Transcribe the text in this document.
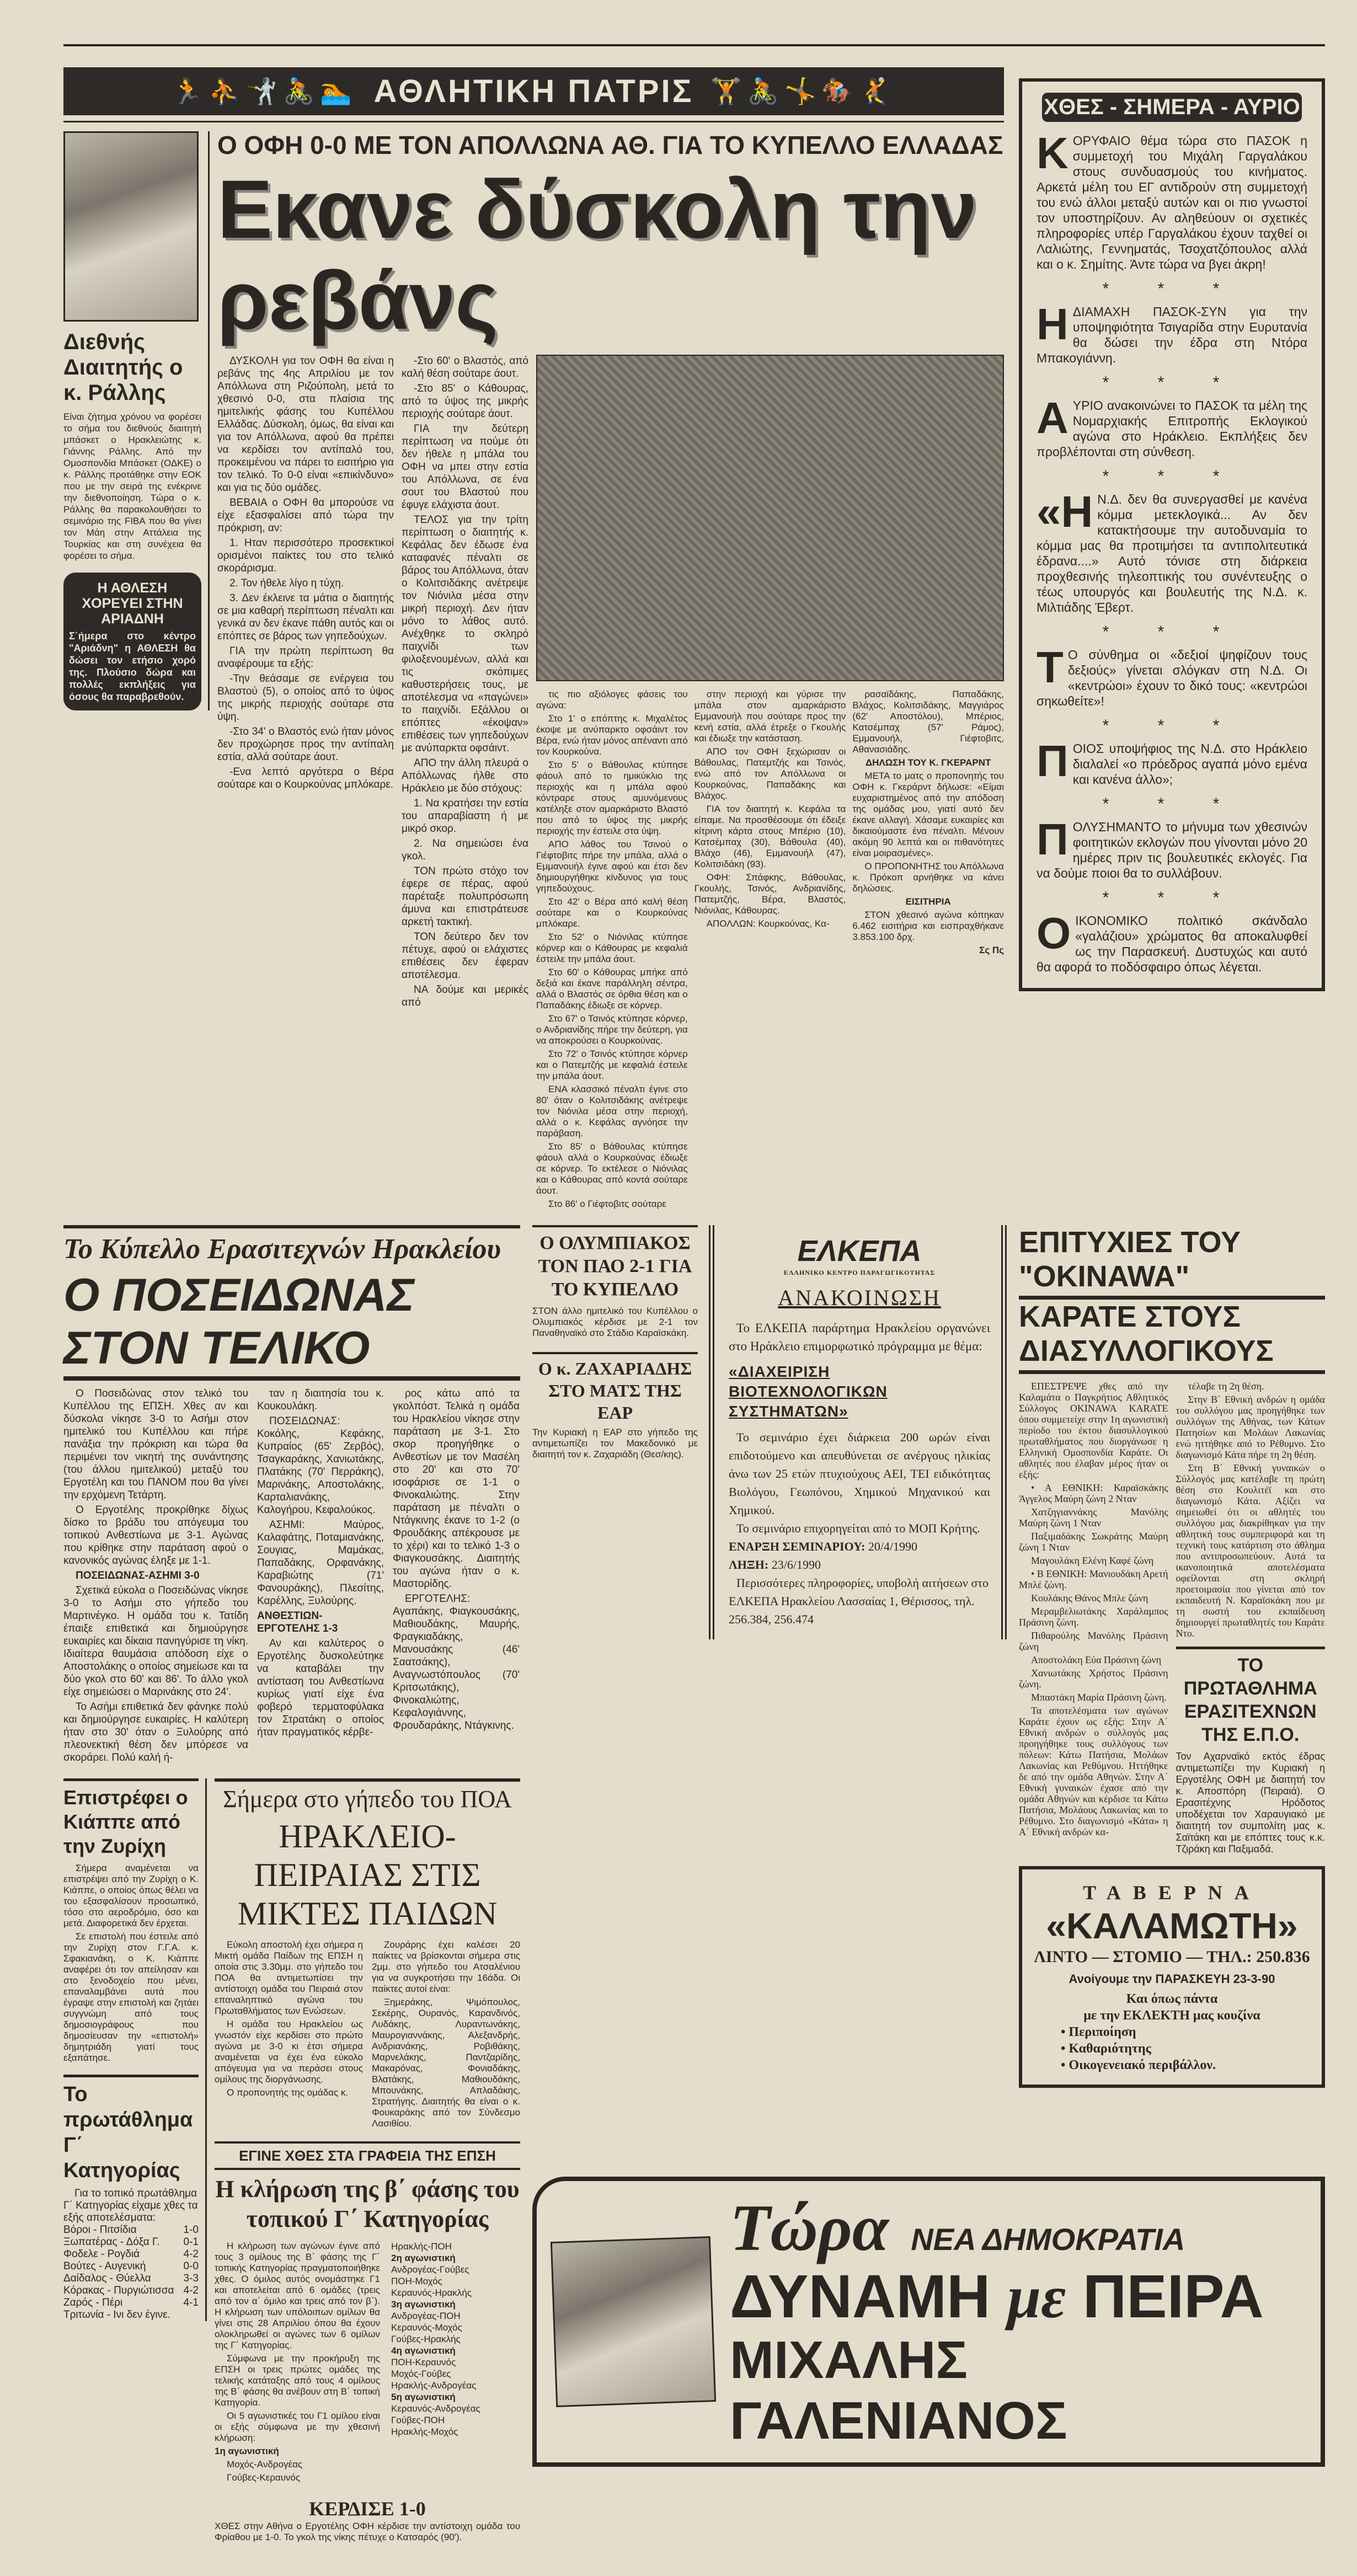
🏃⛹🤺🚴🏊 ΑΘΛΗΤΙΚΗ ΠΑΤΡΙΣ 🏋🚴🤸🏇🤾
Διεθνής Διαιτητής ο κ. Ράλλης
Είναι ζήτημα χρόνου να φορέσει το σήμα του διεθνούς διαιτητή μπάσκετ ο Ηρακλειώτης κ. Γιάννης Ράλλης. Από την Ομοσπονδία Μπάσκετ (ΟΔΚΕ) ο κ. Ράλλης προτάθηκε στην ΕΟΚ που με την σειρά της ενέκρινε την διεθνοποίηση. Τώρα ο κ. Ράλλης θα παρακολουθήσει το σεμινάριο της FIBA που θα γίνει τον Μάη στην Αττάλεια της Τουρκίας και στη συνέχεια θα φορέσει το σήμα.
Η ΑΘΛΕΣΗ ΧΟΡΕΥΕΙ ΣΤΗΝ ΑΡΙΑΔΝΗ
Σ΄ήμερα στο κέντρο "Αριάδνη" η ΑΘΛΕΣΗ θα δώσει τον ετήσιο χορό της. Πλούσιο δώρα και πολλές εκπλήξεις για όσους θα παραβρεθούν.
Ο ΟΦΗ 0-0 ΜΕ ΤΟΝ ΑΠΟΛΛΩΝΑ ΑΘ. ΓΙΑ ΤΟ ΚΥΠΕΛΛΟ ΕΛΛΑΔΑΣ
Εκανε δύσκολη την ρεβάνς

ΔΥΣΚΟΛΗ για τον ΟΦΗ θα είναι η ρεβάνς της 4ης Απριλίου με τον Απόλλωνα στη Ριζούπολη, μετά το χθεσινό 0-0, στα πλαίσια της ημιτελικής φάσης του Κυπέλλου Ελλάδας. Δύσκολη, όμως, θα είναι και για τον Απόλλωνα, αφού θα πρέπει να κερδίσει τον αντίπαλό του, προκειμένου να πάρει το εισιτήριο για τον τελικό. Το 0-0 είναι «επικίνδυνο» και για τις δύο ομάδες.

ΒΕΒΑΙΑ ο ΟΦΗ θα μπορούσε να είχε εξασφαλίσει από τώρα την πρόκριση, αν:

1. Ηταν περισσότερο προσεκτικοί ορισμένοι παίκτες του στο τελικό σκοράρισμα.

2. Τον ήθελε λίγο η τύχη.

3. Δεν έκλεινε τα μάτια ο διαιτητής σε μια καθαρή περίπτωση πέναλτι και γενικά αν δεν έκανε πάθη αυτός και οι επόπτες σε βάρος των γηπεδούχων.

ΓΙΑ την πρώτη περίπτωση θα αναφέρουμε τα εξής:

-Την θεάσαμε σε ενέργεια του Βλαστού (5), ο οποίος από το ύψος της μικρής περιοχής σούταρε στα ύψη.

-Στο 34' ο Βλαστός ενώ ήταν μόνος δεν προχώρησε προς την αντίπαλη εστία, αλλά σούταρε άουτ.

-Ενα λεπτό αργότερα ο Βέρα σούταρε και ο Κουρκούνας μπλόκαρε.

-Στο 60' ο Βλαστός, από καλή θέση σούταρε άουτ.

-Στο 85' ο Κάθουρας, από το ύψος της μικρής περιοχής σούταρε άουτ.

ΓΙΑ την δεύτερη περίπτωση να πούμε ότι δεν ήθελε η μπάλα του ΟΦΗ να μπει στην εστία του Απόλλωνα, σε ένα σουτ του Βλαστού που έφυγε ελάχιστα άουτ.

ΤΕΛΟΣ για την τρίτη περίπτωση ο διαιτητής κ. Κεφάλας δεν έδωσε ένα καταφανές πέναλτι σε βάρος του Απόλλωνα, όταν ο Κολιτσιδάκης ανέτρεψε τον Νιόνιλα μέσα στην μικρή περιοχή. Δεν ήταν μόνο το λάθος αυτό. Ανέχθηκε το σκληρό παιχνίδι των φιλοξενουμένων, αλλά και τις σκόπιμες καθυστερήσεις τους, με αποτέλεσμα να «παγώνει» το παιχνίδι. Εξάλλου οι επόπτες «έκοψαν» επιθέσεις των γηπεδούχων με ανύπαρκτα οφσάιντ.

ΑΠΟ την άλλη πλευρά ο Απόλλωνας ήλθε στο Ηράκλειο με δύο στόχους:

1. Να κρατήσει την εστία του απαραβίαστη ή με μικρό σκορ.

2. Να σημειώσει ένα γκολ.

ΤΟΝ πρώτο στόχο τον έφερε σε πέρας, αφού παρέταξε πολυπρόσωπη άμυνα και επιστράτευσε αρκετή τακτική.

ΤΟΝ δεύτερο δεν τον πέτυχε, αφού οι ελάχιστες επιθέσεις δεν έφεραν αποτέλεσμα.

ΝΑ δούμε και μερικές από

τις πιο αξιόλογες φάσεις του αγώνα:

Στο 1' ο επόπτης κ. Μιχαλέτος έκοψε με ανύπαρκτο οφσάιντ τον Βέρα, ενώ ήταν μόνος απέναντι από τον Κουρκούνα.

Στο 5' ο Βάθουλας κτύπησε φάουλ από το ημικύκλιο της περιοχής και η μπάλα αφού κόντραρε στους αμυνόμενους κατέληξε στον αμαρκάριστο Βλαστό που από το ύψος της μικρής περιοχής την έστειλε στα ύψη.

ΑΠΟ λάθος του Τσινού ο Γιέφτοβιτς πήρε την μπάλα, αλλά ο Εμμανουήλ έγινε αφού και έτσι δεν δημιουργήθηκε κίνδυνος για τους γηπεδούχους.

Στο 42' ο Βέρα από καλή θέση σούταρε και ο Κουρκούνας μπλόκαρε.

Στο 52' ο Νιόνιλας κτύπησε κόρνερ και ο Κάθουρας με κεφαλιά έστειλε την μπάλα άουτ.

Στο 60' ο Κάθουρας μπήκε από δεξιά και έκανε παράλληλη σέντρα, αλλά ο Βλαστός σε όρθια θέση και ο Παπαδάκης έδιωξε σε κόρνερ.

Στο 67' ο Τσινός κτύπησε κόρνερ, ο Ανδριανίδης πήρε την δεύτερη, για να αποκρούσει ο Κουρκούνας.

Στο 72' ο Τσινός κτύπησε κόρνερ και ο Πατεμτζής με κεφαλιά έστειλε την μπάλα άουτ.

ΕΝΑ κλασσικό πέναλτι έγινε στο 80' όταν ο Κολιτσιδάκης ανέτρεψε τον Νιόνιλα μέσα στην περιοχή, αλλά ο κ. Κεφάλας αγνόησε την παράβαση.

Στο 85' ο Βάθουλας κτύπησε φάουλ αλλά ο Κουρκούνας έδιωξε σε κόρνερ. Το εκτέλεσε ο Νιόνιλας και ο Κάθουρας από κοντά σούταρε άουτ.

Στο 86' ο Γιέφτοβιτς σούταρε

στην περιοχή και γύρισε την μπάλα στον αμαρκάριστο Εμμανουήλ που σούταρε προς την κενή εστία, αλλά έτρεξε ο Γκουλής και έδιωξε την κατάσταση.

ΑΠΟ τον ΟΦΗ ξεχώρισαν οι Βάθουλας, Πατεμτζής και Τσινός, ενώ από τον Απόλλωνα οι Κουρκούνας, Παπαδάκης και Βλάχος.

ΓΙΑ τον διαιτητή κ. Κεφάλα τα είπαμε. Να προσθέσουμε ότι έδειξε κίτρινη κάρτα στους Μπέριο (10), Κατσέμπαχ (30), Βάθουλα (40), Βλάχο (46), Εμμανουήλ (47), Κολιτσιδάκη (93).

ΟΦΗ: Σπάφκης, Βάθουλας, Γκουλής, Τσινός, Ανδριανίδης, Πατεμτζής, Βέρα, Βλαστός, Νιόνιλας, Κάθουρας.

ΑΠΟΛΛΩΝ: Κουρκούνας, Κα-

ρασαϊδάκης, Παπαδάκης, Βλάχος, Κολιτσιδάκης, Μαγγιάρος (62' Αποστόλου), Μπέριος, Κατσέμπαχ (57' Ράμος), Εμμανουήλ, Γιέφτοβιτς, Αθανασιάδης.

ΔΗΛΩΣΗ ΤΟΥ Κ. ΓΚΕΡΑΡΝΤ

ΜΕΤΑ το ματς ο προπονητής του ΟΦΗ κ. Γκεράρντ δήλωσε: «Είμαι ευχαριστημένος από την απόδοση της ομάδας μου, γιατί αυτό δεν έκανε αλλαγή. Χάσαμε ευκαιρίες και δικαιούμαστε ένα πέναλτι. Μένουν ακόμη 90 λεπτά και οι πιθανότητες είναι μοιρασμένες».

Ο ΠΡΟΠΟΝΗΤΗΣ του Απόλλωνα κ. Πρόκοπ αρνήθηκε να κάνει δηλώσεις.

ΕΙΣΙΤΗΡΙΑ

ΣΤΟΝ χθεσινό αγώνα κόπηκαν 6.462 εισιτήρια και εισπραχθήκανε 3.853.100 δρχ.

Σς Πς

ΧΘΕΣ - ΣΗΜΕΡΑ - ΑΥΡΙΟ
Κ ΟΡΥΦΑΙΟ θέμα τώρα στο ΠΑΣΟΚ η συμμετοχή του Μιχάλη Γαργαλάκου στους συνδυασμούς του κινήματος. Αρκετά μέλη του ΕΓ αντιδρούν στη συμμετοχή του ενώ άλλοι μεταξύ αυτών και οι πιο γνωστοί τον υποστηρίζουν. Αν αληθεύουν οι σχετικές πληροφορίες υπέρ Γαργαλάκου έχουν ταχθεί οι Λαλιώτης, Γεννηματάς, Τσοχατζόπουλος αλλά και ο κ. Σημίτης. Άντε τώρα να βγει άκρη!

* * *
Η ΔΙΑΜΑΧΗ ΠΑΣΟΚ-ΣΥΝ για την υποψηφιότητα Τσιγαρίδα στην Ευρυτανία θα δώσει την έδρα στη Ντόρα Μπακογιάννη.

* * *
Α ΥΡΙΟ ανακοινώνει το ΠΑΣΟΚ τα μέλη της Νομαρχιακής Επιτροπής Εκλογικού αγώνα στο Ηράκλειο. Εκπλήξεις δεν προβλέπονται στη σύνθεση.

* * *
«Η Ν.Δ. δεν θα συνεργασθεί με κανένα κόμμα μετεκλογικά... Αν δεν κατακτήσουμε την αυτοδυναμία το κόμμα μας θα προτιμήσει τα αντιπολιτευτικά έδρανα....» Αυτό τόνισε στη διάρκεια προχθεσινής τηλεοπτικής του συνέντευξης ο τέως υπουργός και βουλευτής της Ν.Δ. κ. Μιλτιάδης Έβερτ.

* * *
Τ Ο σύνθημα οι «δεξιοί ψηφίζουν τους δεξιούς» γίνεται σλόγκαν στη Ν.Δ. Οι «κεντρώοι» έχουν το δικό τους: «κεντρώοι σηκωθείτε»!

* * *
Π ΟΙΟΣ υποψήφιος της Ν.Δ. στο Ηράκλειο διαλαλεί «ο πρόεδρος αγαπά μόνο εμένα και κανένα άλλο»;

* * *
Π ΟΛΥΣΗΜΑΝΤΟ το μήνυμα των χθεσινών φοιτητικών εκλογών που γίνονται μόνο 20 ημέρες πριν τις βουλευτικές εκλογές. Για να δούμε ποιοι θα το συλλάβουν.

* * *
Ο ΙΚΟΝΟΜΙΚΟ πολιτικό σκάνδαλο «γαλάζιου» χρώματος θα αποκαλυφθεί ως την Παρασκευή. Δυστυχώς και αυτό θα αφορά το ποδόσφαιρο όπως λέγεται.

Το Κύπελλο Ερασιτεχνών Ηρακλείου
Ο ΠΟΣΕΙΔΩΝΑΣ ΣΤΟΝ ΤΕΛΙΚΟ

Ο Ποσειδώνας στον τελικό του Κυπέλλου της ΕΠΣΗ. Χθες αν και δύσκολα νίκησε 3-0 το Ασήμι στον ημιτελικό του Κυπέλλου και πήρε πανάξια την πρόκριση και τώρα θα περιμένει τον νικητή της συνάντησης (του άλλου ημιτελικού) μεταξύ του Εργοτέλη και του ΠΑΝΟΜ που θα γίνει την ερχόμενη Τετάρτη.

Ο Εργοτέλης προκρίθηκε δίχως δίσκο το βράδυ του απόγευμα του τοπικού Ανθεστίωνα με 3-1. Αγώνας που κρίθηκε στην παράταση αφού ο κανονικός αγώνας έληξε με 1-1.

ΠΟΣΕΙΔΩΝΑΣ-ΑΣΗΜΙ 3-0

Σχετικά εύκολα ο Ποσειδώνας νίκησε 3-0 το Ασήμι στο γήπεδο του Μαρτινέγκο. Η ομάδα του κ. Τατίδη έπαιξε επιθετικά και δημιούργησε ευκαιρίες και δίκαια πανηγύρισε τη νίκη. Ιδιαίτερα θαυμάσια απόδοση είχε ο Αποστολάκης ο οποίος σημείωσε και τα δύο γκολ στο 60' και 86'. Το άλλο γκολ είχε σημειώσει ο Μαρινάκης στο 24'.

Το Ασήμι επιθετικά δεν φάνηκε πολύ και δημιούργησε ευκαιρίες. Η καλύτερη ήταν στο 30' όταν ο Ξυλούρης από πλεονεκτική θέση δεν μπόρεσε να σκοράρει. Πολύ καλή ή-

ταν η διαιτησία του κ. Κουκουλάκη.

ΠΟΣΕΙΔΩΝΑΣ: Κοκόλης, Κεφάκης, Κυπραίος (65' Ζερβός), Τσαγκαράκης, Χανιωτάκης, Πλατάκης (70' Περράκης), Μαρινάκης, Αποστολάκης, Καρταλιανάκης, Καλογήρου, Κεφαλούκος.

ΑΣΗΜΙ: Μαύρος, Καλαφάτης, Ποταμιανάκης, Σουγιας, Μαμάκας, Παπαδάκης, Ορφανάκης, Καραβιώτης (71' Φανουράκης), Πλεσίτης, Καρέλλης, Ξυλούρης.

ΑΝΘΕΣΤΙΩΝ-ΕΡΓΟΤΕΛΗΣ 1-3

Αν και καλύτερος ο Εργοτέλης δυσκολεύτηκε να καταβάλει την αντίσταση του Ανθεστίωνα κυρίως γιατί είχε ένα φοβερό τερματοφύλακα τον Στρατάκη ο οποίος ήταν πραγματικός κέρβε-

ρος κάτω από τα γκολπόστ. Τελικά η ομάδα του Ηρακλείου νίκησε στην παράταση με 3-1. Στο σκορ προηγήθηκε ο Ανθεστίων με τον Μασέλη στο 20' και στο 70' ισοφάρισε σε 1-1 ο Φινοκαλιώτης. Στην παράταση με πέναλτι ο Ντάγκινης έκανε το 1-2 (ο Φρουδάκης απέκρουσε με το χέρι) και το τελικό 1-3 ο Φιαγκουσάκης. Διαιτητής του αγώνα ήταν ο κ. Μαστορίδης.

ΕΡΓΟΤΕΛΗΣ: Αγαπάκης, Φιαγκουσάκης, Μαθιουδάκης, Μαυρής, Φραγκιαδάκης, Μανουσάκης (46' Σαατσάκης), Αναγνωστόπουλος (70' Κριτσωτάκης), Φινοκαλιώτης, Κεφαλογιάννης, Φρουδαράκης, Ντάγκινης.

Επιστρέφει ο Κιάππε από την Ζυρίχη

Σήμερα αναμένεται να επιστρέψει από την Ζυρίχη ο Κ. Κιάππε, ο οποίος όπως θέλει να του εξασφαλίσουν προσωπικό, τόσο στο αεροδρόμιο, όσο και μετά. Διαφορετικά δεν έρχεται.

Σε επιστολή που έστειλε από την Ζυρίχη στον Γ.Γ.Α. κ. Σφακιανάκη, ο Κ. Κιάππε αναφέρει ότι τον απείλησαν και στο ξενοδοχείο που μένει, επαναλαμβάνει αυτά που έγραψε στην επιστολή και ζητάει συγγνώμη από τους δημοσιογράφους που δημοσίευσαν την «επιστολή» δημητριάδη γιατί τους εξαπάτησε.

Το πρωτάθλημα Γ΄ Κατηγορίας
Για το τοπικό πρωτάθλημα Γ΄ Κατηγορίας είχαμε χθες τα εξής αποτελέσματα:
Βόροι - Πιτσίδια	1-0
Ξωπατέρας - Δόξα Γ. 0-1
Φοδελε - Ρογδιά	4-2
Βούτες - Αυγενική	0-0
Δαίδαλος - Θύελλα	3-3
Κόρακας - Πυργιώτισσα 4-2
Ζαρός - Πέρι	4-1
Τριτωνία - Ινι δεν έγινε.
Σήμερα στο γήπεδο του ΠΟΑ
ΗΡΑΚΛΕΙΟ-ΠΕΙΡΑΙΑΣ ΣΤΙΣ ΜΙΚΤΕΣ ΠΑΙΔΩΝ

Εύκολη αποστολή έχει σήμερα η Μικτή ομάδα Παίδων της ΕΠΣΗ η οποία στις 3.30μμ. στο γήπεδο του ΠΟΑ θα αντιμετωπίσει την αντίστοιχη ομάδα του Πειραιά στον επαναληπτικό αγώνα του Πρωταθλήματος των Ενώσεων.

Η ομάδα του Ηρακλείου ως γνωστόν είχε κερδίσει στο πρώτο αγώνα με 3-0 κι έτσι σήμερα αναμένεται να έχει ένα εύκολο απόγευμα για να περάσει στους ομίλους της διοργάνωσης.

Ο προπονητής της ομάδας κ.

Ζουράρης έχει καλέσει 20 παίκτες να βρίσκονται σήμερα στις 2μμ. στο γήπεδο του Ατσαλένιου για να συγκροτήσει την 16άδα. Οι παίκτες αυτοί είναι:

Ξημεράκης, Ψιμόπουλος, Σεκέρης, Ουρανός, Καρανδινός, Λυδάκης, Λυραντωνάκης, Μαυρογιαννάκης, Αλεξανδρής, Ανδριανάκης, Ροβιθάκης, Μαρνελάκης, Παντζαρίδης, Μακαρόνας, Φονιαδάκης, Βλατάκης, Μαθιουδάκης, Μπουνάκης, Απλαδάκης, Στρατήγης. Διαιτητής θα είναι ο κ. Φουκαράκης από τον Σύνδεσμο Λασιθίου.

ΕΓΙΝΕ ΧΘΕΣ ΣΤΑ ΓΡΑΦΕΙΑ ΤΗΣ ΕΠΣΗ
Η κλήρωση της β΄ φάσης του τοπικού Γ΄ Κατηγορίας

Η κλήρωση των αγώνων έγινε από τους 3 ομίλους της Β΄ φάσης της Γ΄ τοπικής Κατηγορίας πραγματοποιήθηκε χθες. Ο όμιλος αυτός ονομάστηκε Γ1 και αποτελείται από 6 ομάδες (τρεις από τον α΄ όμιλο και τρεις από τον β΄). Η κλήρωση των υπόλοιπων ομίλων θα γίνει στις 28 Απριλίου όπου θα έχουν ολοκληρωθεί οι αγώνες των 6 ομίλων της Γ΄ Κατηγορίας.

Σύμφωνα με την προκήρυξη της ΕΠΣΗ οι τρεις πρώτες ομάδες της τελικής κατάταξης από τους 4 ομίλους της Β΄ φάσης θα ανέβουν στη Β΄ τοπική Κατηγορία.

Οι 5 αγωνιστικές του Γ1 ομίλου είναι οι εξής σύμφωνα με την χθεσινή κλήρωση:

1η αγωνιστική

Μοχός-Ανδρογέας

Γούβες-Κεραυνός

Ηρακλής-ΠΟΗ
2η αγωνιστική
Ανδρογέας-Γούβες
ΠΟΗ-Μοχός
Κεραυνός-Ηρακλής
3η αγωνιστική
Ανδρογέας-ΠΟΗ
Κεραυνός-Μοχός
Γούβες-Ηρακλής
4η αγωνιστική
ΠΟΗ-Κεραυνός
Μοχός-Γούβες
Ηρακλής-Ανδρογέας
5η αγωνιστική
Κεραυνός-Ανδρογέας
Γούβες-ΠΟΗ
Ηρακλής-Μοχός
ΚΕΡΔΙΣΕ 1-0
ΧΘΕΣ στην Αθήνα ο Εργοτέλης ΟΦΗ κέρδισε την αντίστοιχη ομάδα του Φρίαθου με 1-0. Το γκολ της νίκης πέτυχε ο Κατσαρός (90').
Ο ΟΛΥΜΠΙΑΚΟΣ ΤΟΝ ΠΑΟ 2-1 ΓΙΑ ΤΟ ΚΥΠΕΛΛΟ
ΣΤΟΝ άλλο ημιτελικό του Κυπέλλου ο Ολυμπιακός κέρδισε με 2-1 τον Παναθηναϊκό στο Στάδιο Καραϊσκάκη.
Ο κ. ΖΑΧΑΡΙΑΔΗΣ ΣΤΟ ΜΑΤΣ ΤΗΣ ΕΑΡ
Την Κυριακή η ΕΑΡ στο γήπεδο της αντιμετωπίζει τον Μακεδονικό με διαιτητή τον κ. Ζαχαριάδη (Θεσ/κης).
ΕΛΚΕΠΑ
ΕΛΛΗΝΙΚΟ ΚΕΝΤΡΟ ΠΑΡΑΓΩΓΙΚΟΤΗΤΑΣ
ΑΝΑΚΟΙΝΩΣΗ
Το ΕΛΚΕΠΑ παράρτημα Ηρακλείου οργανώνει στο Ηράκλειο επιμορφωτικό πρόγραμμα με θέμα:
«ΔΙΑΧΕΙΡΙΣΗ ΒΙΟΤΕΧΝΟΛΟΓΙΚΩΝ ΣΥΣΤΗΜΑΤΩΝ»
Το σεμινάριο έχει διάρκεια 200 ωρών είναι επιδοτούμενο και απευθύνεται σε ανέργους ηλικίας άνω των 25 ετών πτυχιούχους ΑΕΙ, ΤΕΙ ειδικότητας Βιολόγου, Γεωπόνου, Χημικού Μηχανικού και Χημικού.
Το σεμινάριο επιχορηγείται από το ΜΟΠ Κρήτης.
ΕΝΑΡΞΗ ΣΕΜΙΝΑΡΙΟΥ: 20/4/1990
ΛΗΞΗ: 23/6/1990
Περισσότερες πληροφορίες, υποβολή αιτήσεων στο ΕΛΚΕΠΑ Ηρακλείου Λασσαίας 1, Θέρισσος, τηλ. 256.384, 256.474
ΕΠΙΤΥΧΙΕΣ ΤΟΥ "OKINAWA"
ΚΑΡΑΤΕ ΣΤΟΥΣ ΔΙΑΣΥΛΛΟΓΙΚΟΥΣ

ΕΠΕΣΤΡΕΨΕ χθες από την Καλαμάτα ο Παγκρήτιος Αθλητικός Σύλλογος OKINAWA KARATE όπου συμμετείχε στην 1η αγωνιστική περίοδο του έκτου διασυλλογικού πρωταθλήματος που διοργάνωσε η Ελληνική Ομοσπονδία Καράτε. Οι αθλητές που έλαβαν μέρος ήταν οι εξής:

• Α ΕΘΝΙΚΗ: Καραϊσκάκης Άγγελος Μαύρη ζώνη 2 Νταν

Χατζηγιαννάκης Μανόλης Μαύρη ζώνη 1 Νταν

Παξιμαδάκης Σωκράτης Μαύρη ζώνη 1 Νταν

Μαγουλάκη Ελένη Καφέ ζώνη

• Β ΕΘΝΙΚΗ: Μανιουδάκη Αρετή Μπλέ ζώνη.

Κουλάκης Θάνος Μπλε ζώνη

Μεραμβελιωτάκης Χαράλαμπος Πράσινη ζώνη.

Πιθαρούλης Μανόλης Πράσινη ζώνη

Αποστολάκη Εύα Πράσινη ζώνη

Χανιωτάκης Χρήστος Πράσινη ζώνη.

Μπαστάκη Μαρία Πράσινη ζώνη.

Τα αποτελέσματα των αγώνων Καράτε έχουν ως εξής: Στην Α΄ Εθνική ανδρών ο σύλλογός μας προηγήθηκε τους συλλόγους των πόλεων: Κάτω Πατήσια, Μολάων Λακωνίας και Ρεθύμνου. Ηττήθηκε δε από την ομάδα Αθηνών. Στην Α΄ Εθνική γυναικών έχασε από την ομάδα Αθηνών και κέρδισε τα Κάτω Πατήσια, Μολάους Λακωνίας και το Ρέθυμνο. Στο διαγωνισμό «Κάτα» η Α΄ Εθνική ανδρών κα-

τέλαβε τη 2η θέση.

Στην Β΄ Εθνική ανδρών η ομάδα του συλλόγου μας προηγήθηκε των συλλόγων της Αθήνας, των Κάτων Πατησίων και Μολάων Λακωνίας ενώ ηττήθηκε από το Ρέθυμνο. Στο διαγωνισμό Κάτα πήρε τη 2η θέση.

Στη Β΄ Εθνική γυναικών ο Σύλλογός μας κατέλαβε τη πρώτη θέση στο Κουλιτέϊ και στο διαγωνισμό Κάτα. Αξίζει να σημειωθεί ότι οι αθλητές του συλλόγου μας διακρίθηκαν για την αθλητική τους συμπεριφορά και τη τεχνική τους κατάρτιση στο άθλημα που αντιπροσωπεύουν. Αυτά τα ικανοποιητικά αποτελέσματα οφείλονται στη σκληρή προετοιμασία που γίνεται από τον εκπαιδευτή Ν. Καραϊσκάκη που με τη σωστή του εκπαίδευση δημιουργεί πρωταθλητές του Καράτε Ντο.

ΤΟ ΠΡΩΤΑΘΛΗΜΑ ΕΡΑΣΙΤΕΧΝΩΝ ΤΗΣ Ε.Π.Ο.
Τον Αχαρναϊκό εκτός έδρας αντιμετωπίζει την Κυριακή η Εργοτέλης ΟΦΗ με διαιτητή τον κ. Αποσπόρη (Πειραιά). Ο Ερασιτέχνης Ηρόδοτος υποδέχεται τον Χαραυγιακό με διαιτητή τον συμπολίτη μας κ. Σαϊτάκη και με επόπτες τους κ.κ. Τζιράκη και Παξιμαδά.
ΤΑΒΕΡΝΑ
«ΚΑΛΑΜΩΤΗ»
ΛΙΝΤΟ — ΣΤΟΜΙΟ — ΤΗΛ.: 250.836
Ανοίγουμε την ΠΑΡΑΣΚΕΥΗ 23-3-90
Και όπως πάντα
με την ΕΚΛΕΚΤΗ μας κουζίνα
• Περιποίηση
• Καθαριότητης
• Οικογενειακό περιβάλλον.
Τώρα ΝΕΑ ΔΗΜΟΚΡΑΤΙΑ
ΔΥΝΑΜΗ με ΠΕΙΡΑ
ΜΙΧΑΛΗΣ ΓΑΛΕΝΙΑΝΟΣ
